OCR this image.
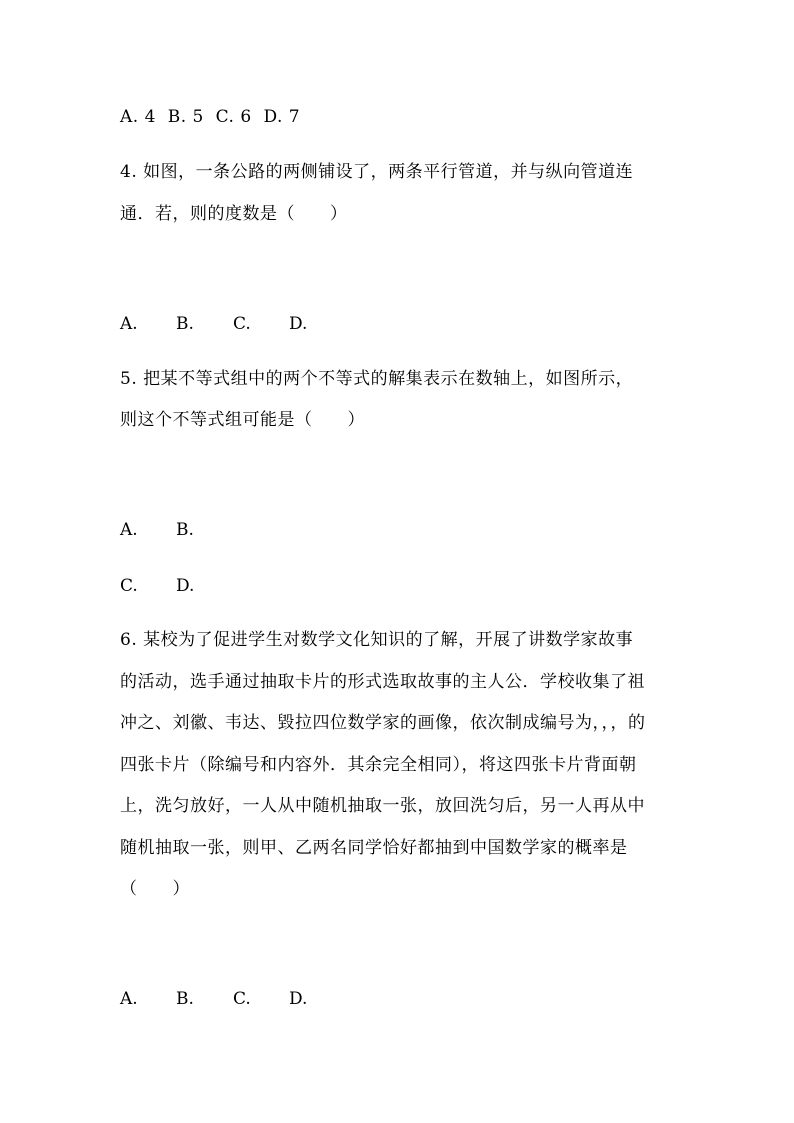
A. 4  B. 5  C. 6  D. 7
4. 如图，一条公路的两侧铺设了，两条平行管道，并与纵向管道连
通．若，则的度数是（　　）
A. B. C. D.
5. 把某不等式组中的两个不等式的解集表示在数轴上，如图所示，
则这个不等式组可能是（　　）
A. B.
C. D.
6. 某校为了促进学生对数学文化知识的了解，开展了讲数学家故事
的活动，选手通过抽取卡片的形式选取故事的主人公．学校收集了祖
冲之、刘徽、韦达、毀拉四位数学家的画像，依次制成编号为，，，的
四张卡片（除编号和内容外．其余完全相同），将这四张卡片背面朝
上，洗匀放好，一人从中随机抽取一张，放回洗匀后，另一人再从中
随机抽取一张，则甲、乙两名同学恰好都抽到中国数学家的概率是
（　　）
A. B. C. D.
